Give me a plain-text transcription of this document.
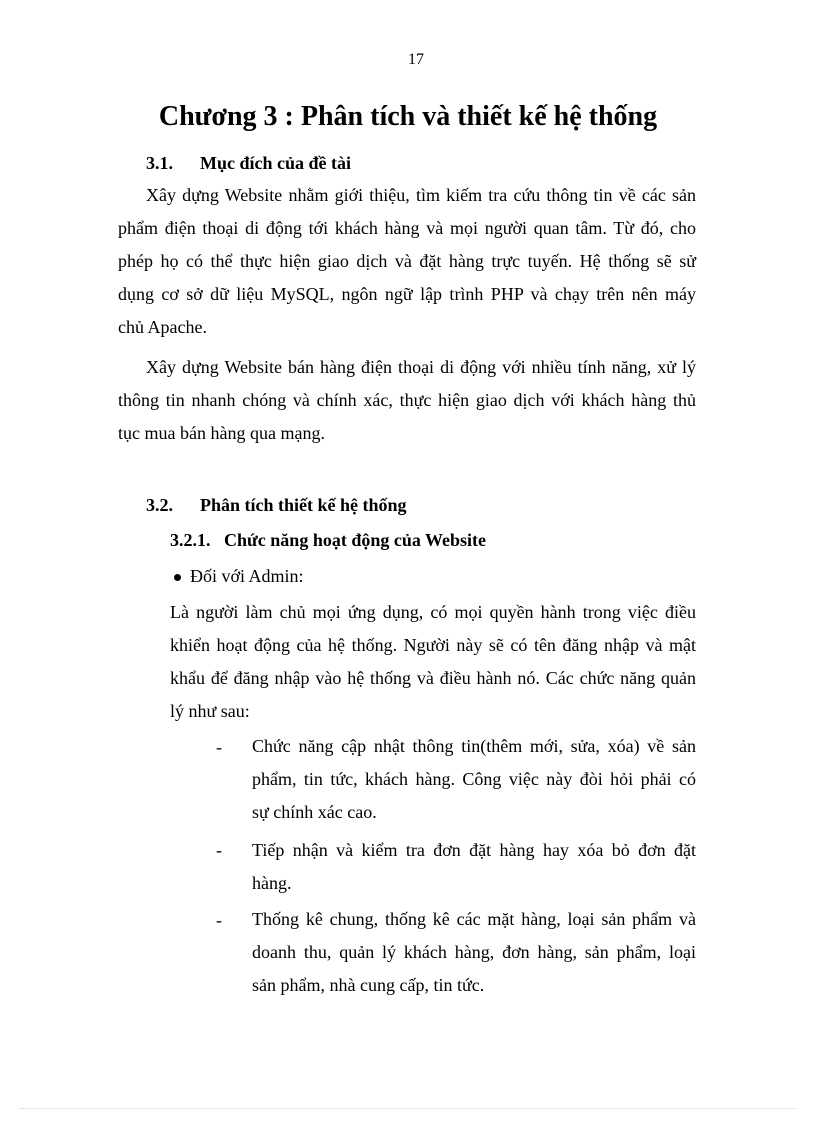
17
Chương 3 : Phân tích và thiết kế hệ thống
3.1. Mục đích của đề tài
Xây dựng Website nhằm giới thiệu, tìm kiếm tra cứu thông tin về các sản
phẩm điện thoại di động tới khách hàng và mọi người quan tâm. Từ đó, cho
phép họ có thể thực hiện giao dịch và đặt hàng trực tuyến. Hệ thống sẽ sử
dụng cơ sở dữ liệu MySQL, ngôn ngữ lập trình PHP và chạy trên nên máy
chủ Apache.
Xây dựng Website bán hàng điện thoại di động với nhiều tính năng, xử lý
thông tin nhanh chóng và chính xác, thực hiện giao dịch với khách hàng thủ
tục mua bán hàng qua mạng.
3.2. Phân tích thiết kế hệ thống
3.2.1. Chức năng hoạt động của Website
Đối với Admin:
Là người làm chủ mọi ứng dụng, có mọi quyền hành trong việc điều
khiển hoạt động của hệ thống. Người này sẽ có tên đăng nhập và mật
khẩu để đăng nhập vào hệ thống và điều hành nó. Các chức năng quản
lý như sau:
- Chức năng cập nhật thông tin(thêm mới, sửa, xóa) về sản
phẩm, tin tức, khách hàng. Công việc này đòi hỏi phải có
sự chính xác cao.
- Tiếp nhận và kiểm tra đơn đặt hàng hay xóa bỏ đơn đặt
hàng.
- Thống kê chung, thống kê các mặt hàng, loại sản phẩm và
doanh thu, quản lý khách hàng, đơn hàng, sản phẩm, loại
sản phẩm, nhà cung cấp, tin tức.
